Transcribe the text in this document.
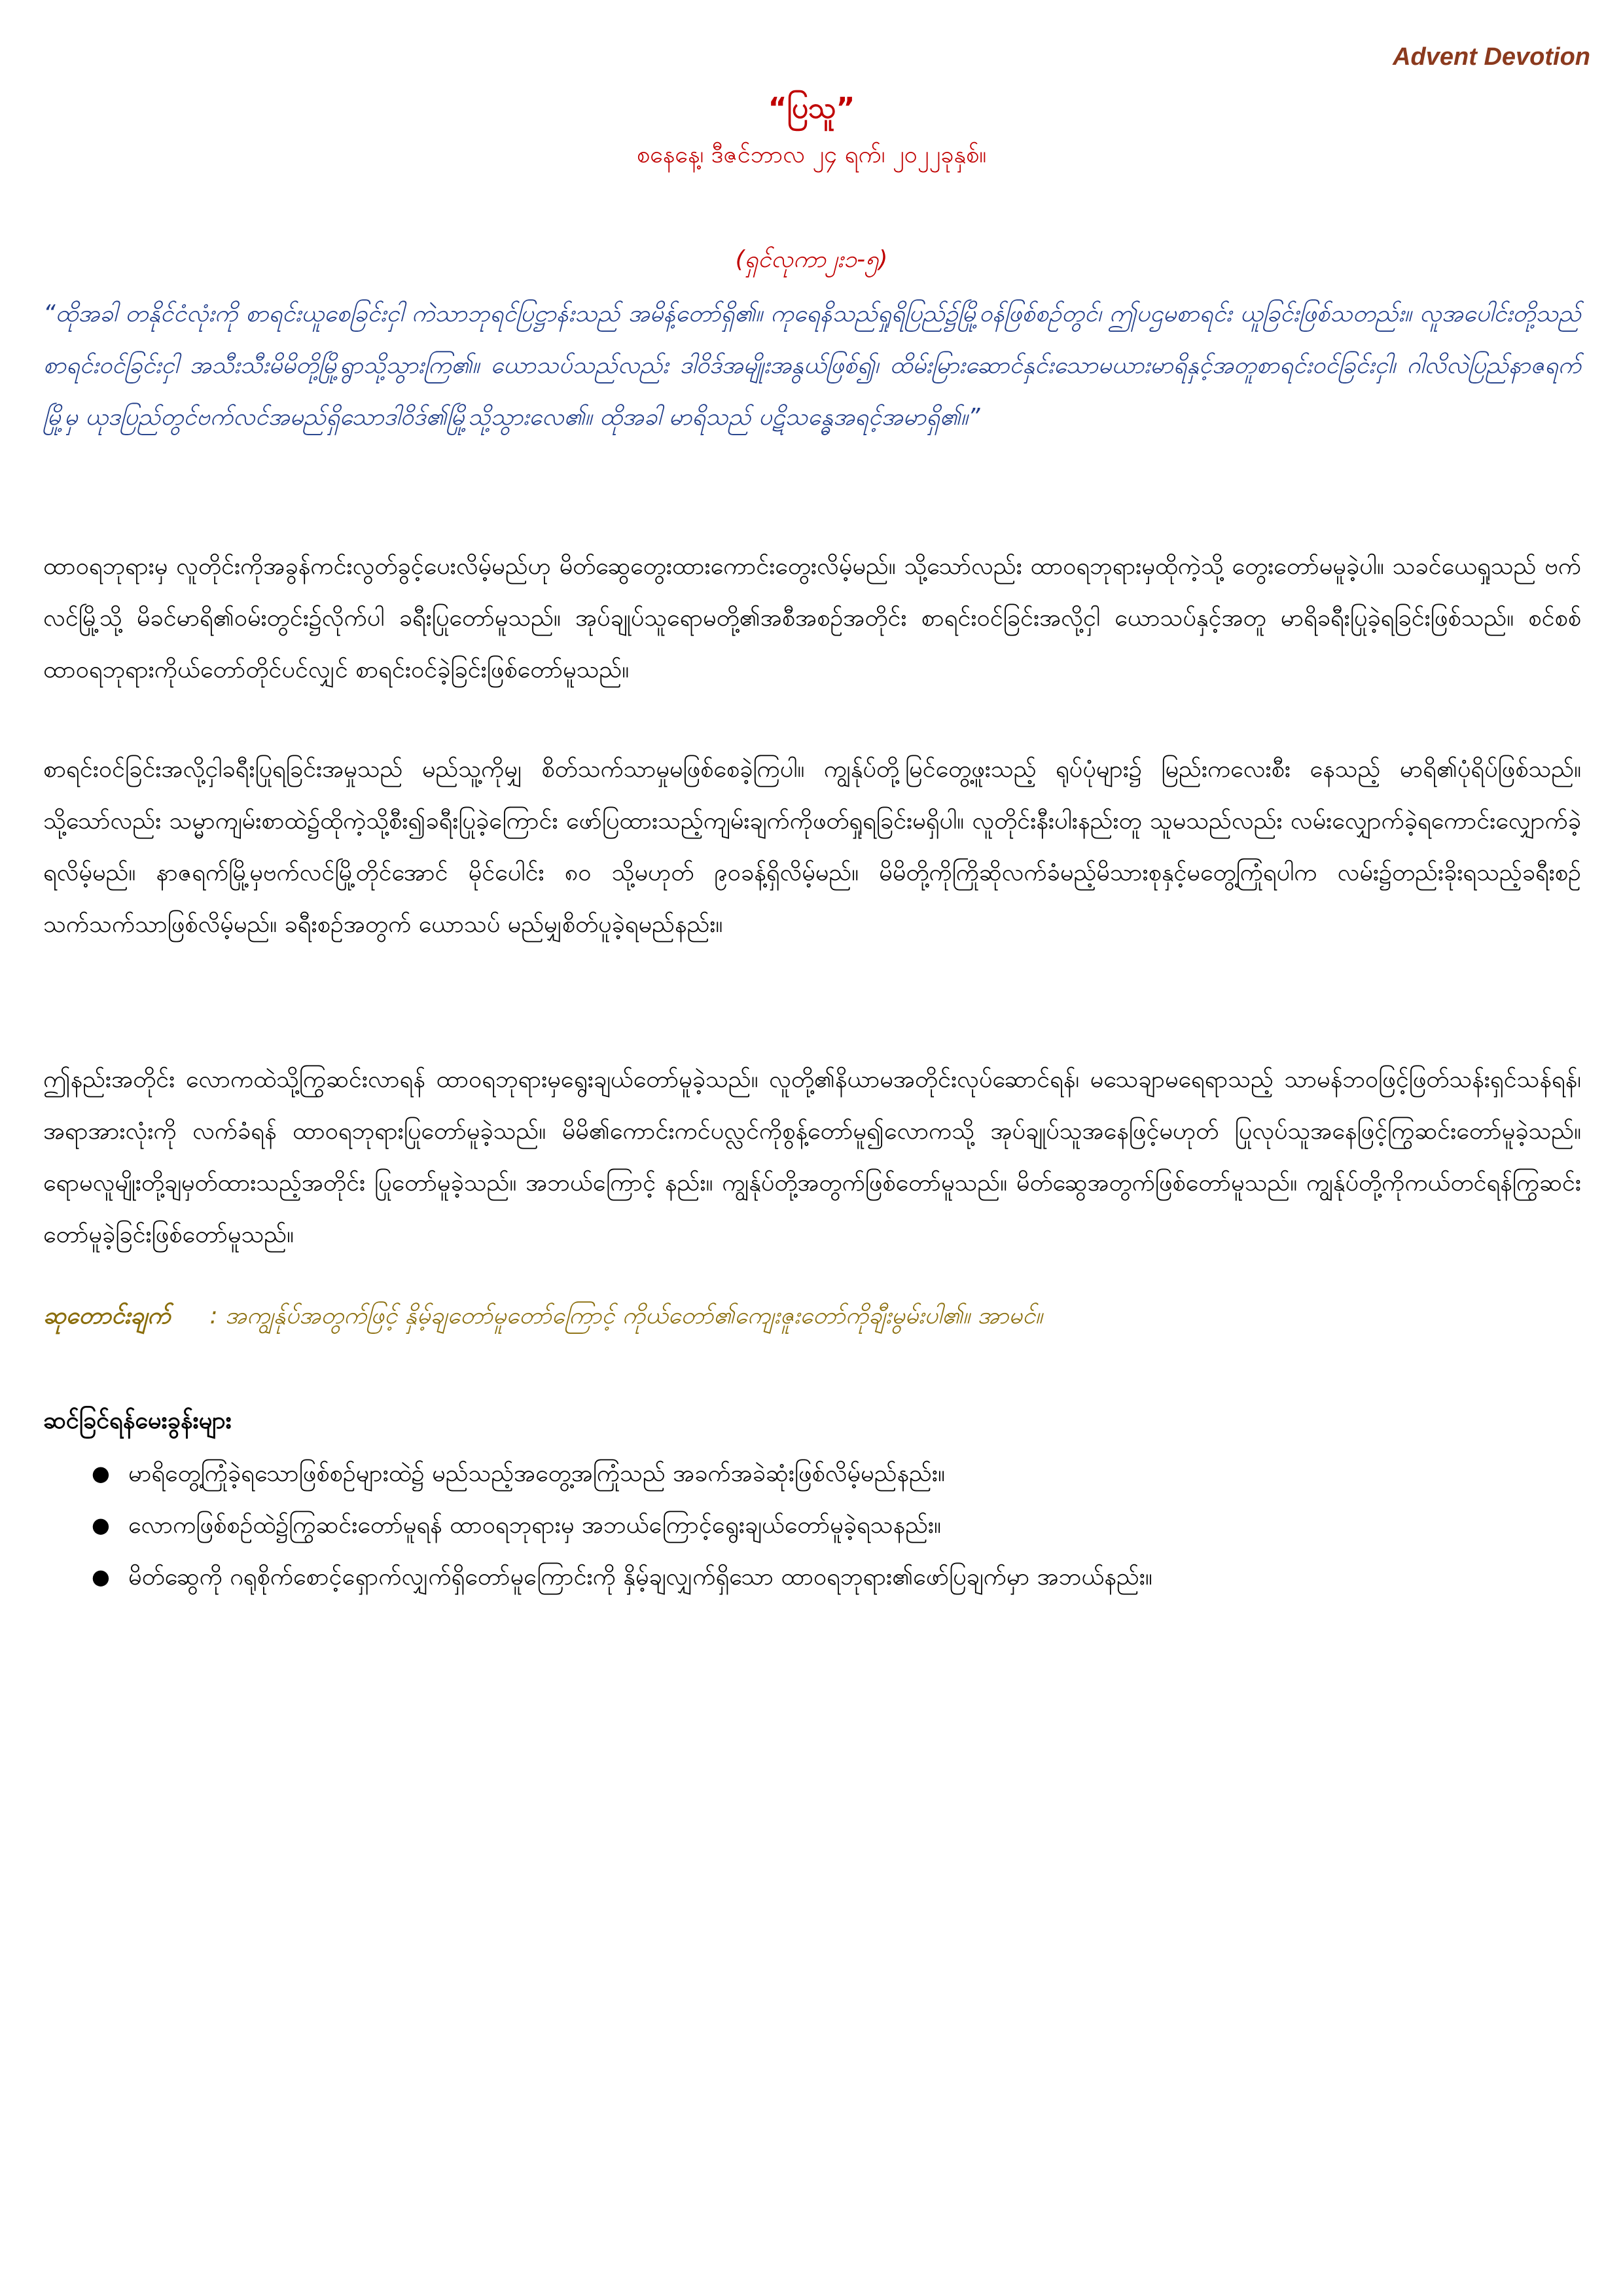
Advent Devotion
“ပြသူ”
စနေနေ့၊ ဒီဇင်ဘာလ ၂၄ ရက်၊ ၂၀၂၂ခုနှစ်။
(ရှင်လုကာ၂း၁-၅)
“ထိုအခါ တနိုင်ငံလုံးကို စာရင်းယူစေခြင်းငှါ ကဲသာဘုရင်ပြဋ္ဌာန်းသည် အမိန့်တော်ရှိ၏။ ကုရေနိသည်ရှုရိပြည်၌မြို့ဝန်ဖြစ်စဉ်တွင်၊ ဤပဌမစာရင်း ယူခြင်းဖြစ်သတည်း။ လူအပေါင်းတို့သည် စာရင်းဝင်ခြင်းငှါ အသီးသီးမိမိတို့မြို့ရွာသို့သွားကြ၏။ ယောသပ်သည်လည်း ဒါဝိဒ်အမျိုးအနွယ်ဖြစ်၍၊ ထိမ်းမြားဆောင်နှင်းသောမယားမာရိနှင့်အတူစာရင်းဝင်ခြင်းငှါ၊ ဂါလိလဲပြည်နာဇရက်မြို့မှ ယုဒပြည်တွင်ဗက်လင်အမည်ရှိသောဒါဝိဒ်၏မြို့သို့သွားလေ၏။ ထိုအခါ မာရိသည် ပဋိသန္ဓေအရင့်အမာရှိ၏။”
ထာဝရဘုရားမှ လူတိုင်းကိုအခွန်ကင်းလွတ်ခွင့်ပေးလိမ့်မည်ဟု မိတ်ဆွေတွေးထားကောင်းတွေးလိမ့်မည်။ သို့သော်လည်း ထာဝရဘုရားမှထိုကဲ့သို့ တွေးတော်မမူခဲ့ပါ။ သခင်ယေရှုသည် ဗက်လင်မြို့သို့ မိခင်မာရိ၏ဝမ်းတွင်း၌လိုက်ပါ ခရီးပြုတော်မူသည်။ အုပ်ချုပ်သူရောမတို့၏အစီအစဉ်အတိုင်း စာရင်းဝင်ခြင်းအလို့ငှါ ယောသပ်နှင့်အတူ မာရိခရီးပြုခဲ့ရခြင်းဖြစ်သည်။ စင်စစ်ထာဝရဘုရားကိုယ်တော်တိုင်ပင်လျှင် စာရင်းဝင်ခဲ့ခြင်းဖြစ်တော်မူသည်။
စာရင်းဝင်ခြင်းအလို့ငှါခရီးပြုရခြင်းအမှုသည် မည်သူ့ကိုမျှ စိတ်သက်သာမှုမဖြစ်စေခဲ့ကြပါ။ ကျွန်ုပ်တို့မြင်တွေ့ဖူးသည့် ရုပ်ပုံများ၌ မြည်းကလေးစီး နေသည့် မာရိ၏ပုံရိပ်ဖြစ်သည်။ သို့သော်လည်း သမ္မာကျမ်းစာထဲ၌ထိုကဲ့သို့စီး၍ခရီးပြုခဲ့ကြောင်း ဖော်ပြထားသည့်ကျမ်းချက်ကိုဖတ်ရှုရခြင်းမရှိပါ။ လူတိုင်းနီးပါးနည်းတူ သူမသည်လည်း လမ်းလျှောက်ခဲ့ရကောင်းလျှောက်ခဲ့ရလိမ့်မည်။ နာဇရက်မြို့မှဗက်လင်မြို့တိုင်အောင် မိုင်ပေါင်း ၈၀ သို့မဟုတ် ၉၀ခန့်ရှိလိမ့်မည်။ မိမိတို့ကိုကြိုဆိုလက်ခံမည့်မိသားစုနှင့်မတွေ့ကြုံရပါက လမ်း၌တည်းခိုးရသည့်ခရီးစဉ်သက်သက်သာဖြစ်လိမ့်မည်။ ခရီးစဉ်အတွက် ယောသပ် မည်မျှစိတ်ပူခဲ့ရမည်နည်း။
ဤနည်းအတိုင်း လောကထဲသို့ကြွဆင်းလာရန် ထာဝရဘုရားမှရွေးချယ်တော်မူခဲ့သည်။ လူတို့၏နိယာမအတိုင်းလုပ်ဆောင်ရန်၊ မသေချာမရေရာသည့် သာမန်ဘဝဖြင့်ဖြတ်သန်းရှင်သန်ရန်၊ အရာအားလုံးကို လက်ခံရန် ထာဝရဘုရားပြုတော်မူခဲ့သည်။ မိမိ၏ကောင်းကင်ပလ္လင်ကိုစွန့်တော်မူ၍လောကသို့ အုပ်ချုပ်သူအနေဖြင့်မဟုတ် ပြုလုပ်သူအနေဖြင့်ကြွဆင်းတော်မူခဲ့သည်။ ရောမလူမျိုးတို့ချမှတ်ထားသည့်အတိုင်း ပြုတော်မူခဲ့သည်။ အဘယ်ကြောင့် နည်း။ ကျွန်ုပ်တို့အတွက်ဖြစ်တော်မူသည်။ မိတ်ဆွေအတွက်ဖြစ်တော်မူသည်။ ကျွန်ုပ်တို့ကိုကယ်တင်ရန်ကြွဆင်းတော်မူခဲ့ခြင်းဖြစ်တော်မူသည်။
ဆုတောင်းချက် : အကျွန်ုပ်အတွက်ဖြင့် နှိမ့်ချတော်မူတော်ကြောင့် ကိုယ်တော်၏ကျေးဇူးတော်ကိုချီးမွမ်းပါ၏။ အာမင်။
ဆင်ခြင်ရန်မေးခွန်းများ
● မာရိတွေ့ကြုံခဲ့ရသောဖြစ်စဉ်များထဲ၌ မည်သည့်အတွေ့အကြုံသည် အခက်အခဲဆုံးဖြစ်လိမ့်မည်နည်း။
● လောကဖြစ်စဉ်ထဲ၌ကြွဆင်းတော်မူရန် ထာဝရဘုရားမှ အဘယ်ကြောင့်ရွေးချယ်တော်မူခဲ့ရသနည်း။
● မိတ်ဆွေကို ဂရုစိုက်စောင့်ရှောက်လျှက်ရှိတော်မူကြောင်းကို နှိမ့်ချလျှက်ရှိသော ထာဝရဘုရား၏ဖော်ပြချက်မှာ အဘယ်နည်း။
